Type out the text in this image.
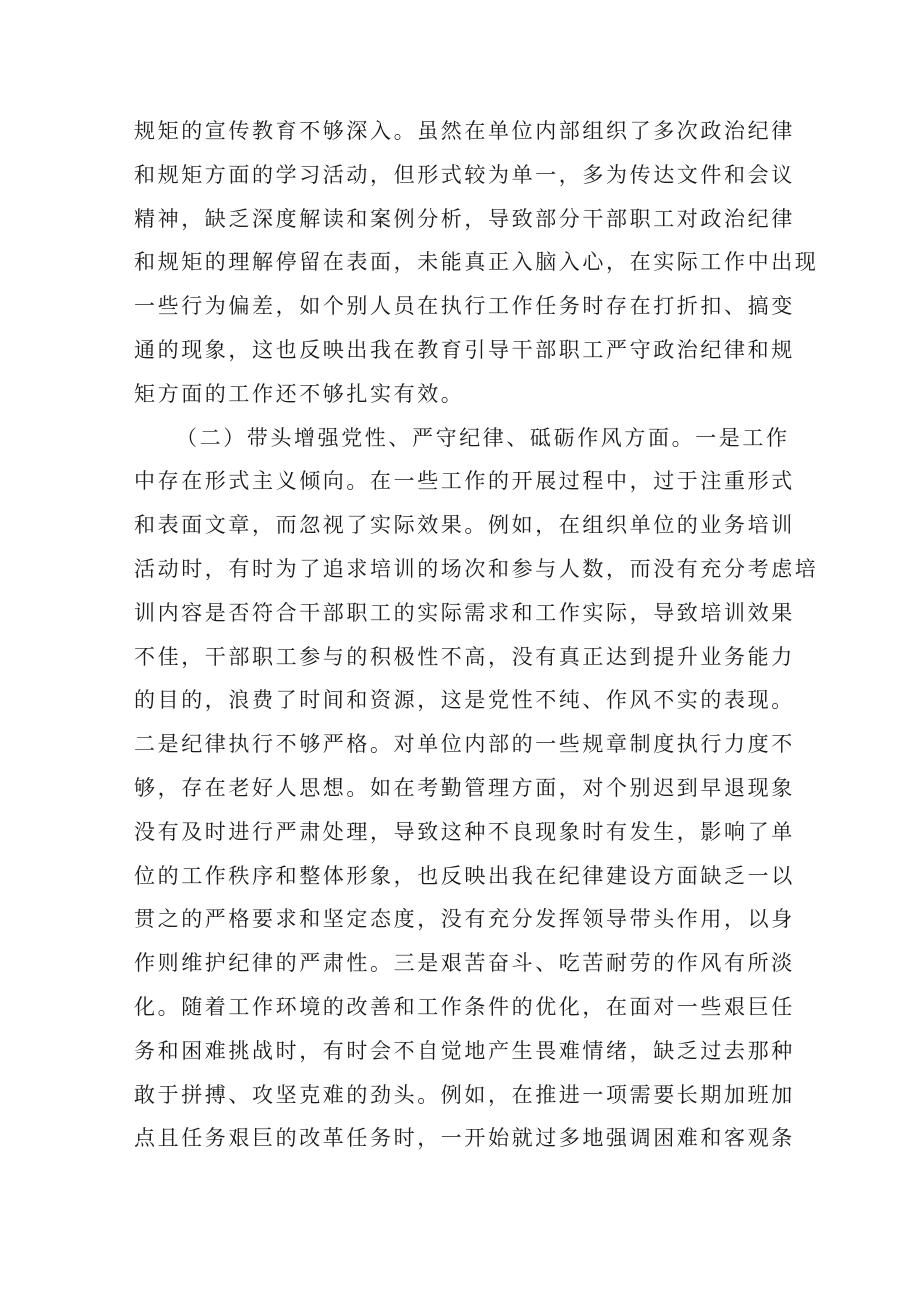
规矩的宣传教育不够深入。虽然在单位内部组织了多次政治纪律
和规矩方面的学习活动，但形式较为单一，多为传达文件和会议
精神，缺乏深度解读和案例分析，导致部分干部职工对政治纪律
和规矩的理解停留在表面，未能真正入脑入心，在实际工作中出现
一些行为偏差，如个别人员在执行工作任务时存在打折扣、搞变
通的现象，这也反映出我在教育引导干部职工严守政治纪律和规
矩方面的工作还不够扎实有效。
（二）带头增强党性、严守纪律、砥砺作风方面。一是工作
中存在形式主义倾向。在一些工作的开展过程中，过于注重形式
和表面文章，而忽视了实际效果。例如，在组织单位的业务培训
活动时，有时为了追求培训的场次和参与人数，而没有充分考虑培
训内容是否符合干部职工的实际需求和工作实际，导致培训效果
不佳，干部职工参与的积极性不高，没有真正达到提升业务能力
的目的，浪费了时间和资源，这是党性不纯、作风不实的表现。
二是纪律执行不够严格。对单位内部的一些规章制度执行力度不
够，存在老好人思想。如在考勤管理方面，对个别迟到早退现象
没有及时进行严肃处理，导致这种不良现象时有发生，影响了单
位的工作秩序和整体形象，也反映出我在纪律建设方面缺乏一以
贯之的严格要求和坚定态度，没有充分发挥领导带头作用，以身
作则维护纪律的严肃性。三是艰苦奋斗、吃苦耐劳的作风有所淡
化。随着工作环境的改善和工作条件的优化，在面对一些艰巨任
务和困难挑战时，有时会不自觉地产生畏难情绪，缺乏过去那种
敢于拼搏、攻坚克难的劲头。例如，在推进一项需要长期加班加
点且任务艰巨的改革任务时，一开始就过多地强调困难和客观条
